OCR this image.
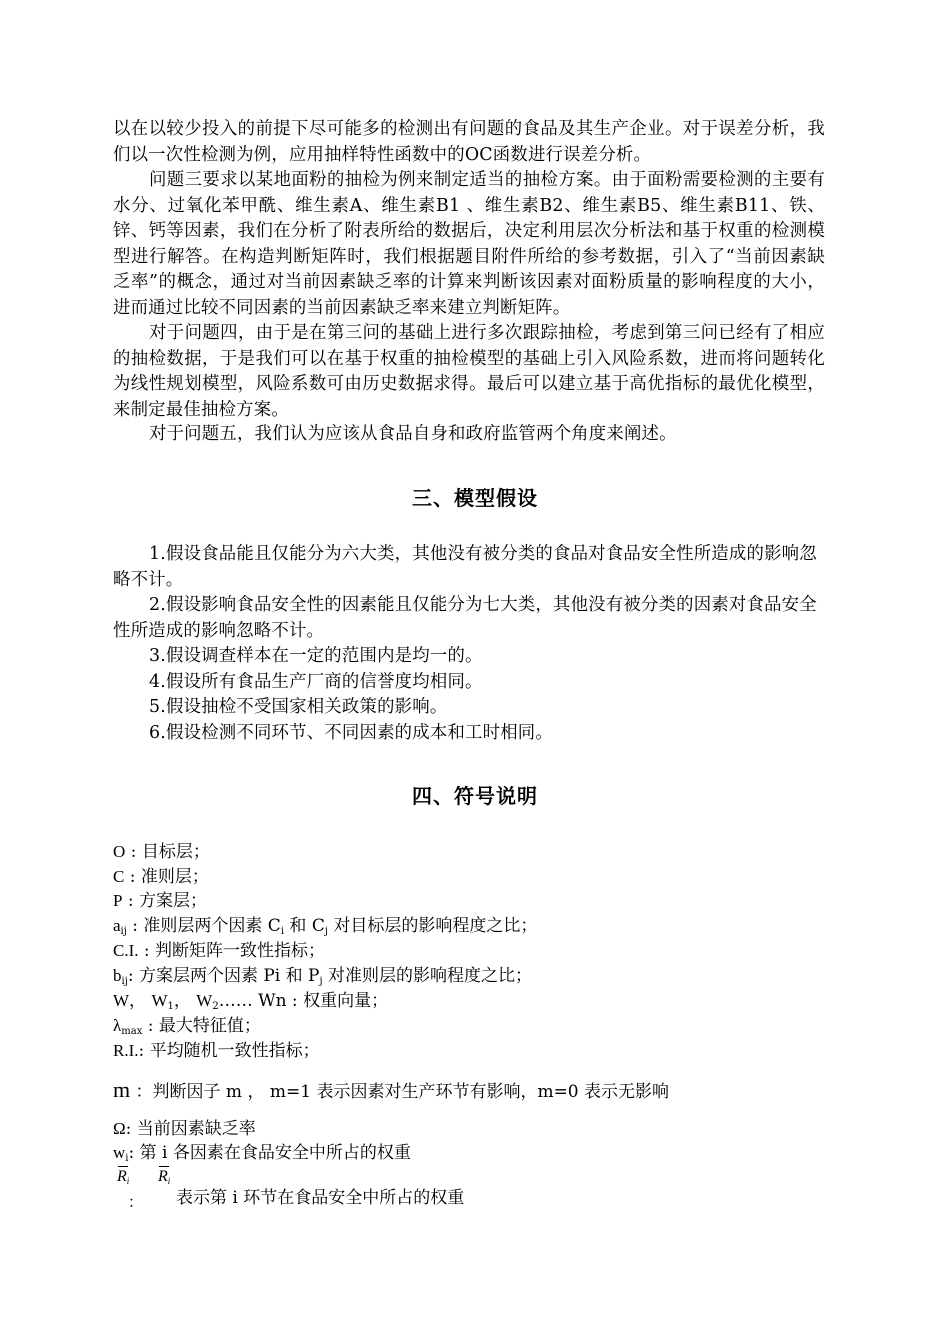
以在以较少投入的前提下尽可能多的检测出有问题的食品及其生产企业。对于误差分析，我们以一次性检测为例，应用抽样特性函数中的OC函数进行误差分析。

问题三要求以某地面粉的抽检为例来制定适当的抽检方案。由于面粉需要检测的主要有水分、过氧化苯甲酰、维生素A、维生素B1 、维生素B2、维生素B5、维生素B11、铁、锌、钙等因素，我们在分析了附表所给的数据后，决定利用层次分析法和基于权重的检测模型进行解答。在构造判断矩阵时，我们根据题目附件所给的参考数据，引入了“当前因素缺乏率”的概念，通过对当前因素缺乏率的计算来判断该因素对面粉质量的影响程度的大小，进而通过比较不同因素的当前因素缺乏率来建立判断矩阵。

对于问题四，由于是在第三问的基础上进行多次跟踪抽检，考虑到第三问已经有了相应的抽检数据，于是我们可以在基于权重的抽检模型的基础上引入风险系数，进而将问题转化为线性规划模型，风险系数可由历史数据求得。最后可以建立基于高优指标的最优化模型，来制定最佳抽检方案。

对于问题五，我们认为应该从食品自身和政府监管两个角度来阐述。

三、模型假设
1.假设食品能且仅能分为六大类，其他没有被分类的食品对食品安全性所造成的影响忽略不计。
2.假设影响食品安全性的因素能且仅能分为七大类，其他没有被分类的因素对食品安全性所造成的影响忽略不计。
3.假设调查样本在一定的范围内是均一的。
4.假设所有食品生产厂商的信誉度均相同。
5.假设抽检不受国家相关政策的影响。
6.假设检测不同环节、不同因素的成本和工时相同。
四、符号说明

O : 目标层；

C : 准则层；

P : 方案层；

$a_{ij}$ : 准则层两个因素 $C_i$ 和 $C_j$ 对目标层的影响程度之比；

C.I. : 判断矩阵一致性指标；

$b_{ij}$: 方案层两个因素 Pi 和 $P_j$ 对准则层的影响程度之比；

W， $W_1$， $W_2\dots\dots$ Wn : 权重向量；

$\lambda_{max}$ : 最大特征值；

R.I.: 平均随机一致性指标；

m ：判断因子 m ， m=1 表示因素对生产环节有影响，m=0 表示无影响

Ω: 当前因素缺乏率

$w_i$: 第 i 各因素在食品安全中所占的权重

$R_i$ $R_i$
： 表示第 i 环节在食品安全中所占的权重
